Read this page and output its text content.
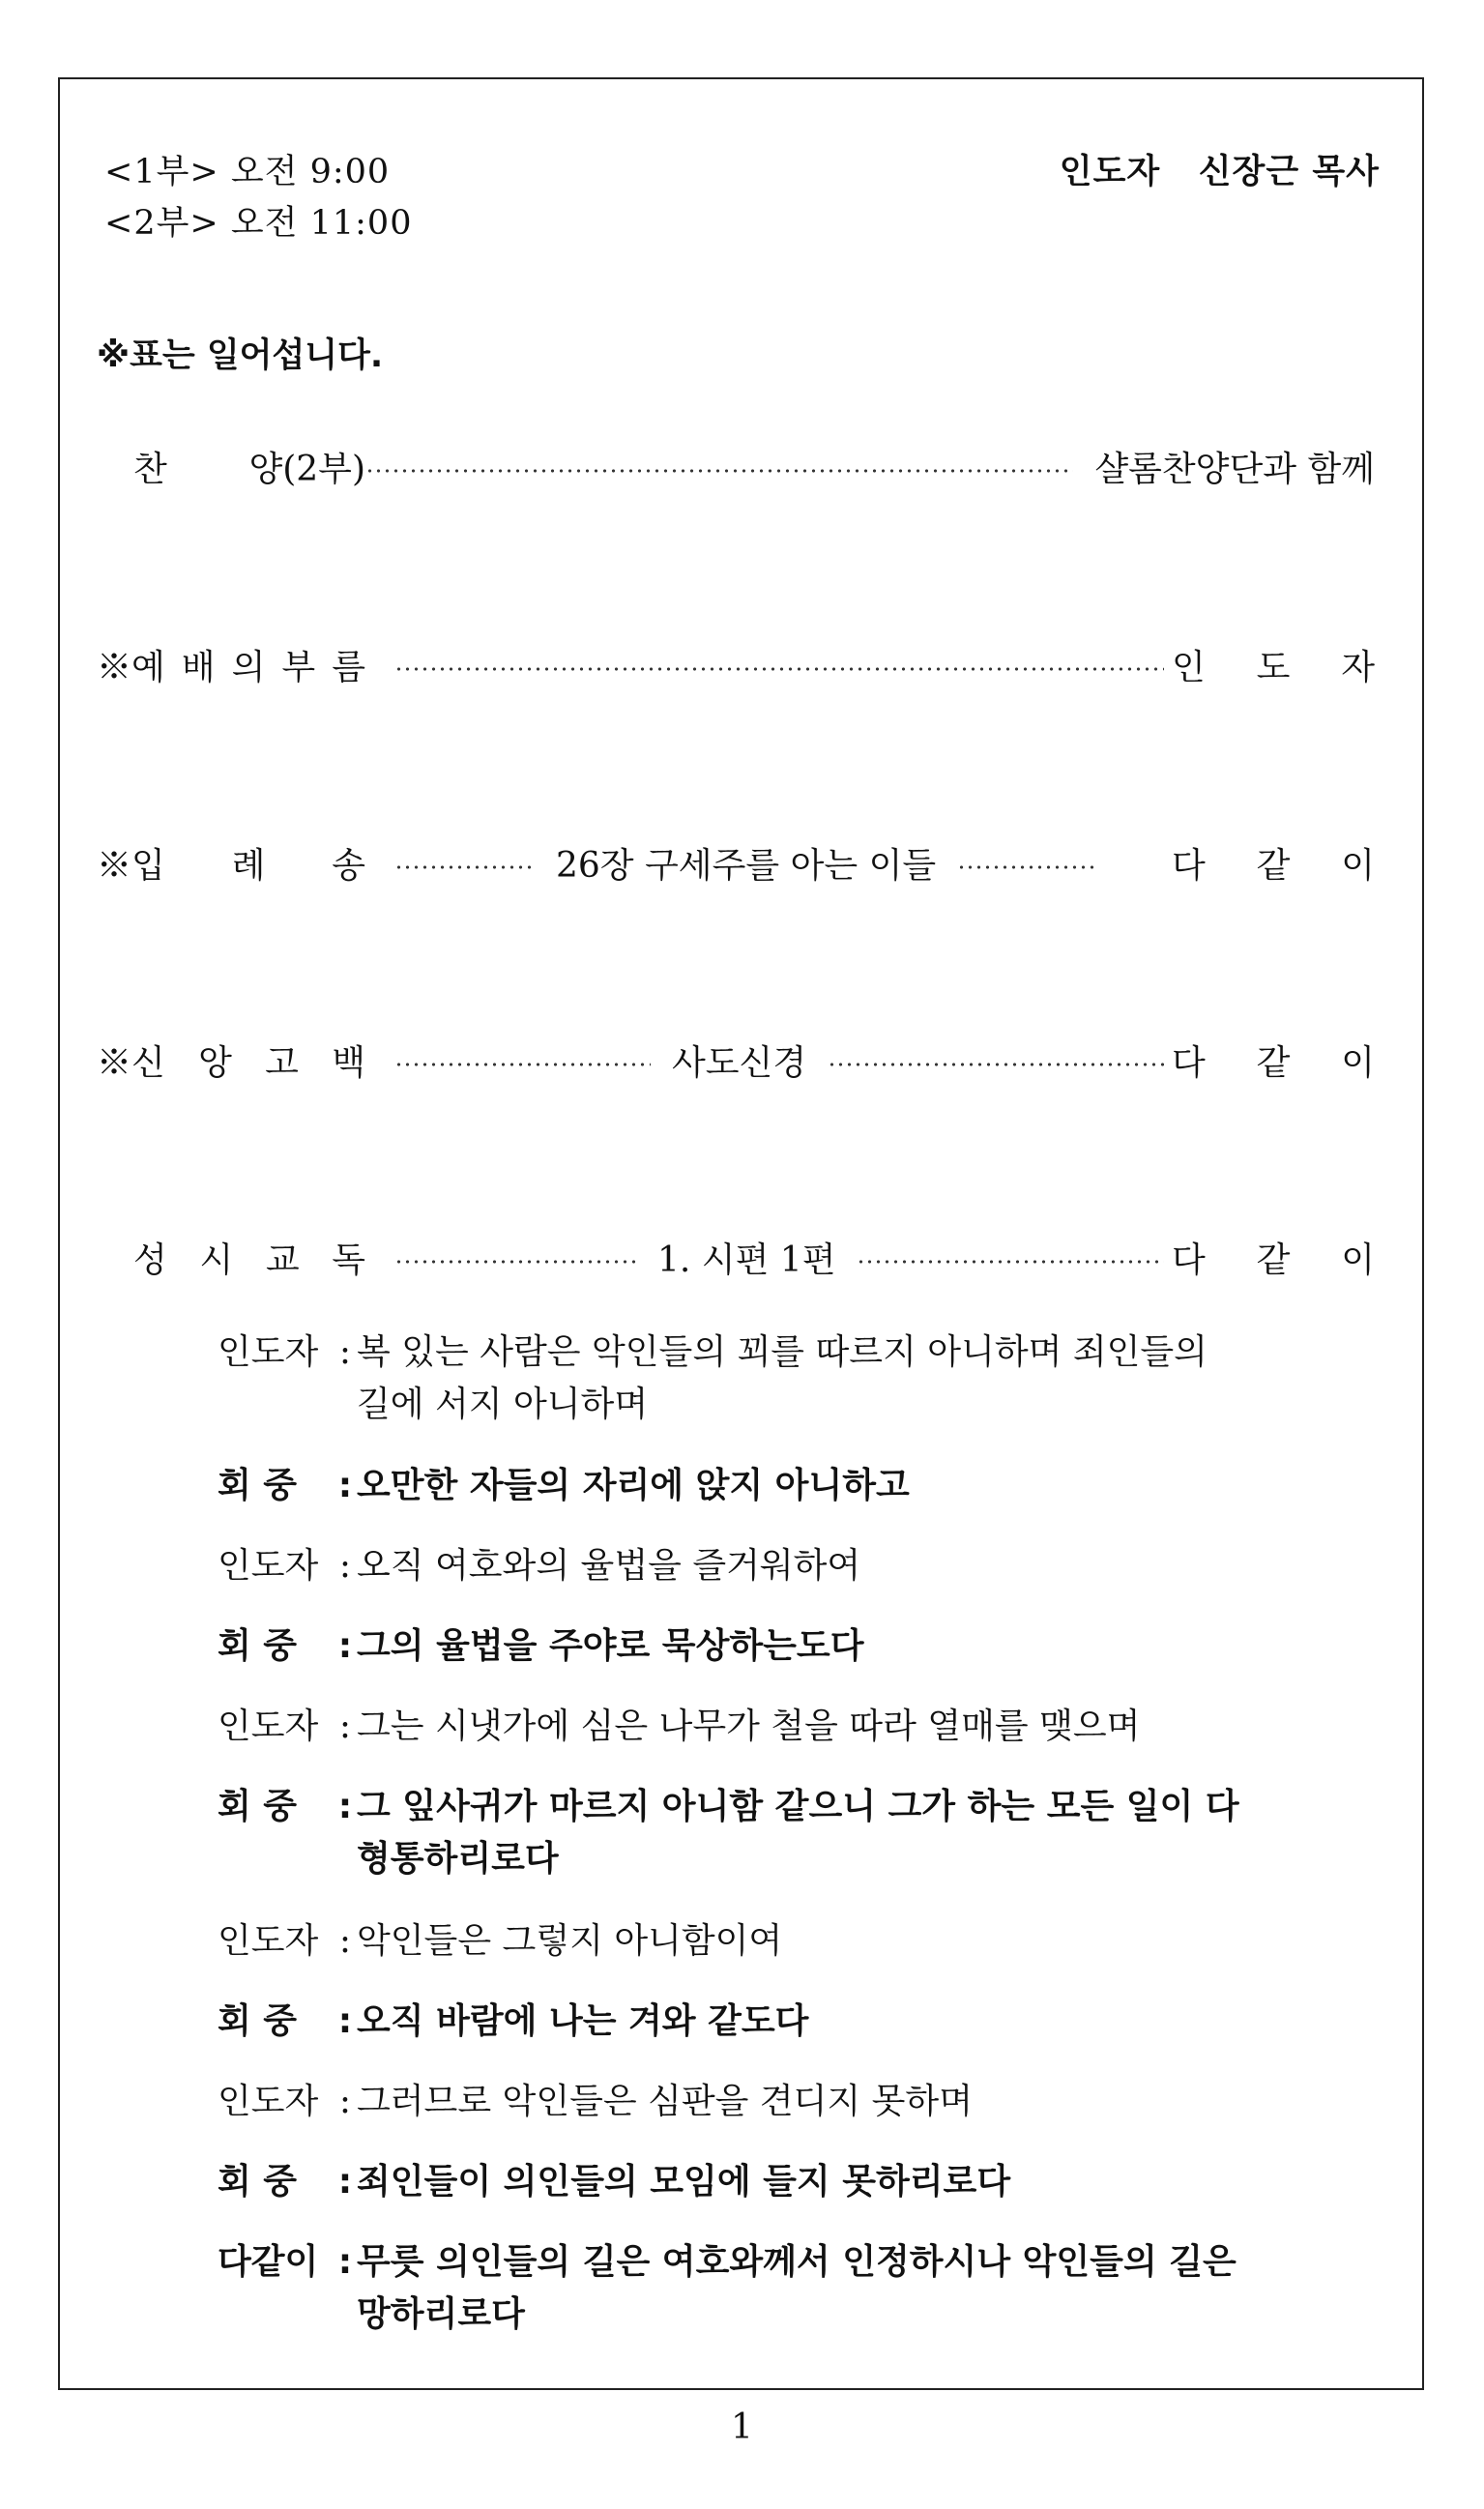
<1부> 오전 9:00
<2부> 오전 11:00
인도자   신장근 목사
※표는 일어섭니다.
찬 양(2부)	샬롬찬양단과 함께
※예 배 의 부 름	인 도 자
※입 례 송	26장 구세주를 아는 이들	다 같 이
※신 앙 고 백	사도신경	다 같 이
성 시 교 독	1. 시편 1편	다 같 이
인도자 : 복 있는 사람은 악인들의 꾀를 따르지 아니하며 죄인들의
길에 서지 아니하며
회 중 : 오만한 자들의 자리에 앉지 아니하고
인도자 : 오직 여호와의 율법을 즐거워하여
회 중 : 그의 율법을 주야로 묵상하는도다
인도자 : 그는 시냇가에 심은 나무가 철을 따라 열매를 맺으며
회 중 : 그 잎사귀가 마르지 아니함 같으니 그가 하는 모든 일이 다
형통하리로다
인도자 : 악인들은 그렇지 아니함이여
회 중 : 오직 바람에 나는 겨와 같도다
인도자 : 그러므로 악인들은 심판을 견디지 못하며
회 중 : 죄인들이 의인들의 모임에 들지 못하리로다
다같이 : 무릇 의인들의 길은 여호와께서 인정하시나 악인들의 길은
망하리로다
1
